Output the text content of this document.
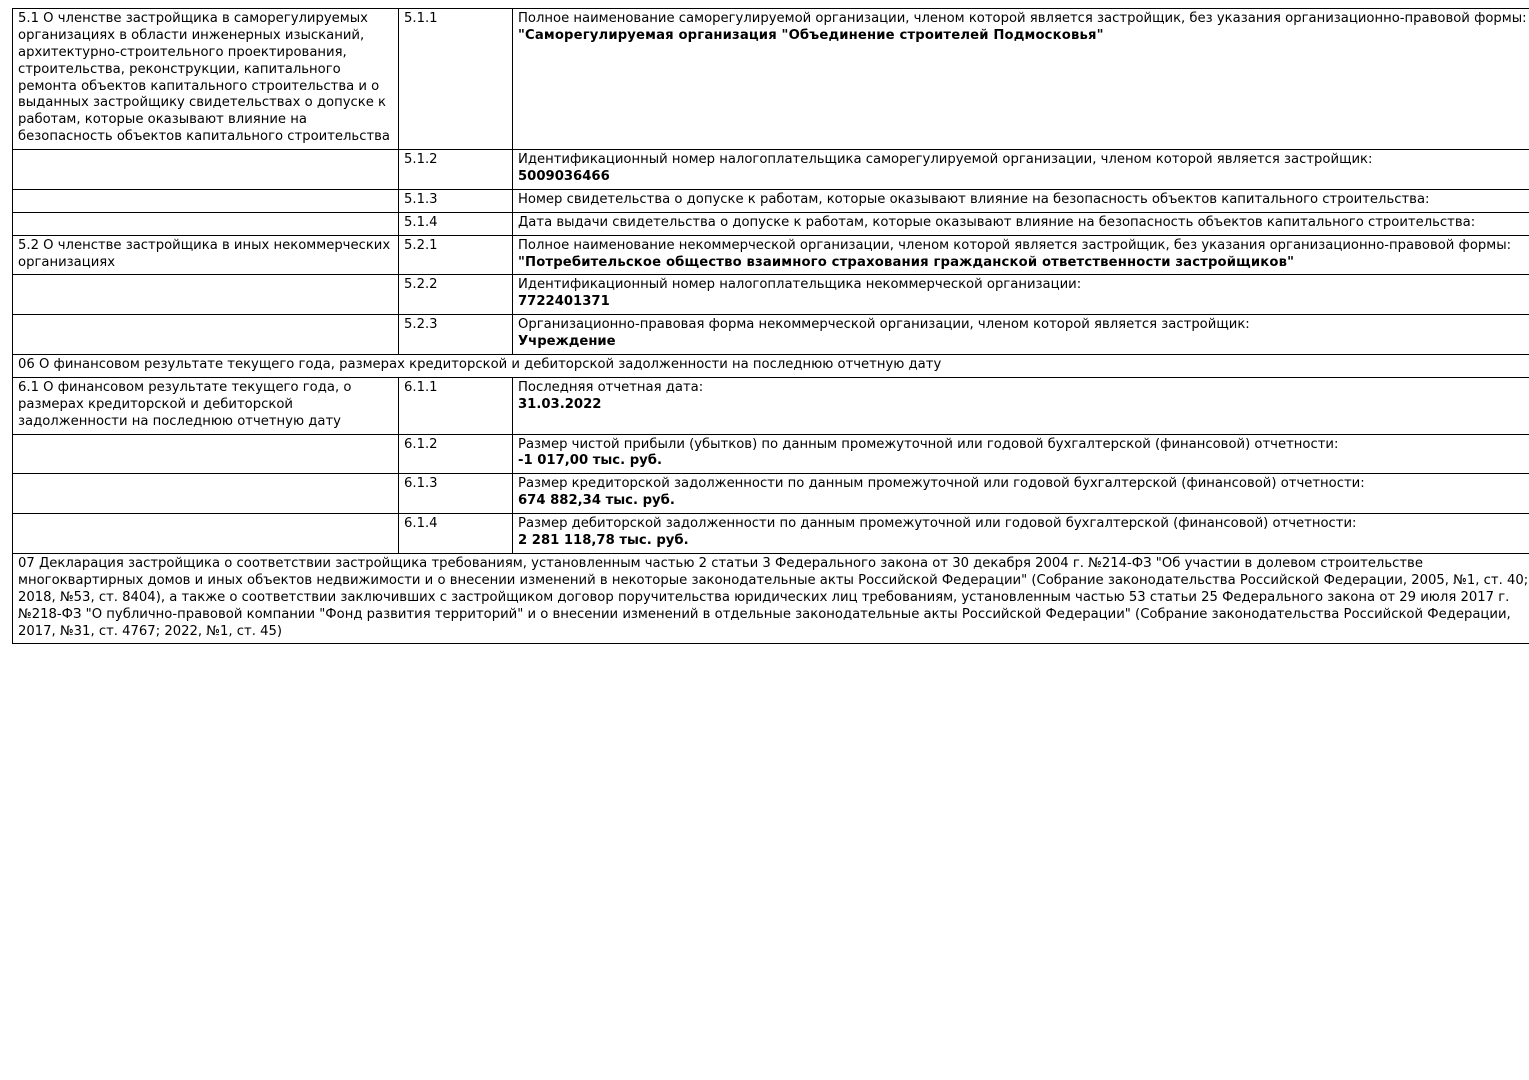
5.1 О членстве застройщика в саморегулируемых организациях в области инженерных изысканий, архитектурно-строительного проектирования, строительства, реконструкции, капитального ремонта объектов капитального строительства и о выданных застройщику свидетельствах о допуске к работам, которые оказывают влияние на безопасность объектов капитального строительства	5.1.1	Полное наименование саморегулируемой организации, членом которой является застройщик, без указания организационно-правовой формы:
"Саморегулируемая организация "Объединение строителей Подмосковья"

	5.1.2	Идентификационный номер налогоплательщика саморегулируемой организации, членом которой является застройщик:
5009036466

	5.1.3	Номер свидетельства о допуске к работам, которые оказывают влияние на безопасность объектов капитального строительства:

	5.1.4	Дата выдачи свидетельства о допуске к работам, которые оказывают влияние на безопасность объектов капитального строительства:

5.2 О членстве застройщика в иных некоммерческих организациях	5.2.1	Полное наименование некоммерческой организации, членом которой является застройщик, без указания организационно-правовой формы:
"Потребительское общество взаимного страхования гражданской ответственности застройщиков"

	5.2.2	Идентификационный номер налогоплательщика некоммерческой организации:
7722401371

	5.2.3	Организационно-правовая форма некоммерческой организации, членом которой является застройщик:
Учреждение

06 О финансовом результате текущего года, размерах кредиторской и дебиторской задолженности на последнюю отчетную дату		
6.1 О финансовом результате текущего года, о размерах кредиторской и дебиторской задолженности на последнюю отчетную дату	6.1.1	Последняя отчетная дата:
31.03.2022

	6.1.2	Размер чистой прибыли (убытков) по данным промежуточной или годовой бухгалтерской (финансовой) отчетности:
-1 017,00 тыс. руб.

	6.1.3	Размер кредиторской задолженности по данным промежуточной или годовой бухгалтерской (финансовой) отчетности:
674 882,34 тыс. руб.

	6.1.4	Размер дебиторской задолженности по данным промежуточной или годовой бухгалтерской (финансовой) отчетности:
2 281 118,78 тыс. руб.

07 Декларация застройщика о соответствии застройщика требованиям, установленным частью 2 статьи 3 Федерального закона от 30 декабря 2004 г. №214-ФЗ "Об участии в долевом строительстве многоквартирных домов и иных объектов недвижимости и о внесении изменений в некоторые законодательные акты Российской Федерации" (Собрание законодательства Российской Федерации, 2005, №1, ст. 40; 2018, №53, ст. 8404), а также о соответствии заключивших с застройщиком договор поручительства юридических лиц требованиям, установленным частью 53 статьи 25 Федерального закона от 29 июля 2017 г. №218-ФЗ "О публично-правовой компании "Фонд развития территорий" и о внесении изменений в отдельные законодательные акты Российской Федерации" (Собрание законодательства Российской Федерации, 2017, №31, ст. 4767; 2022, №1, ст. 45)		
